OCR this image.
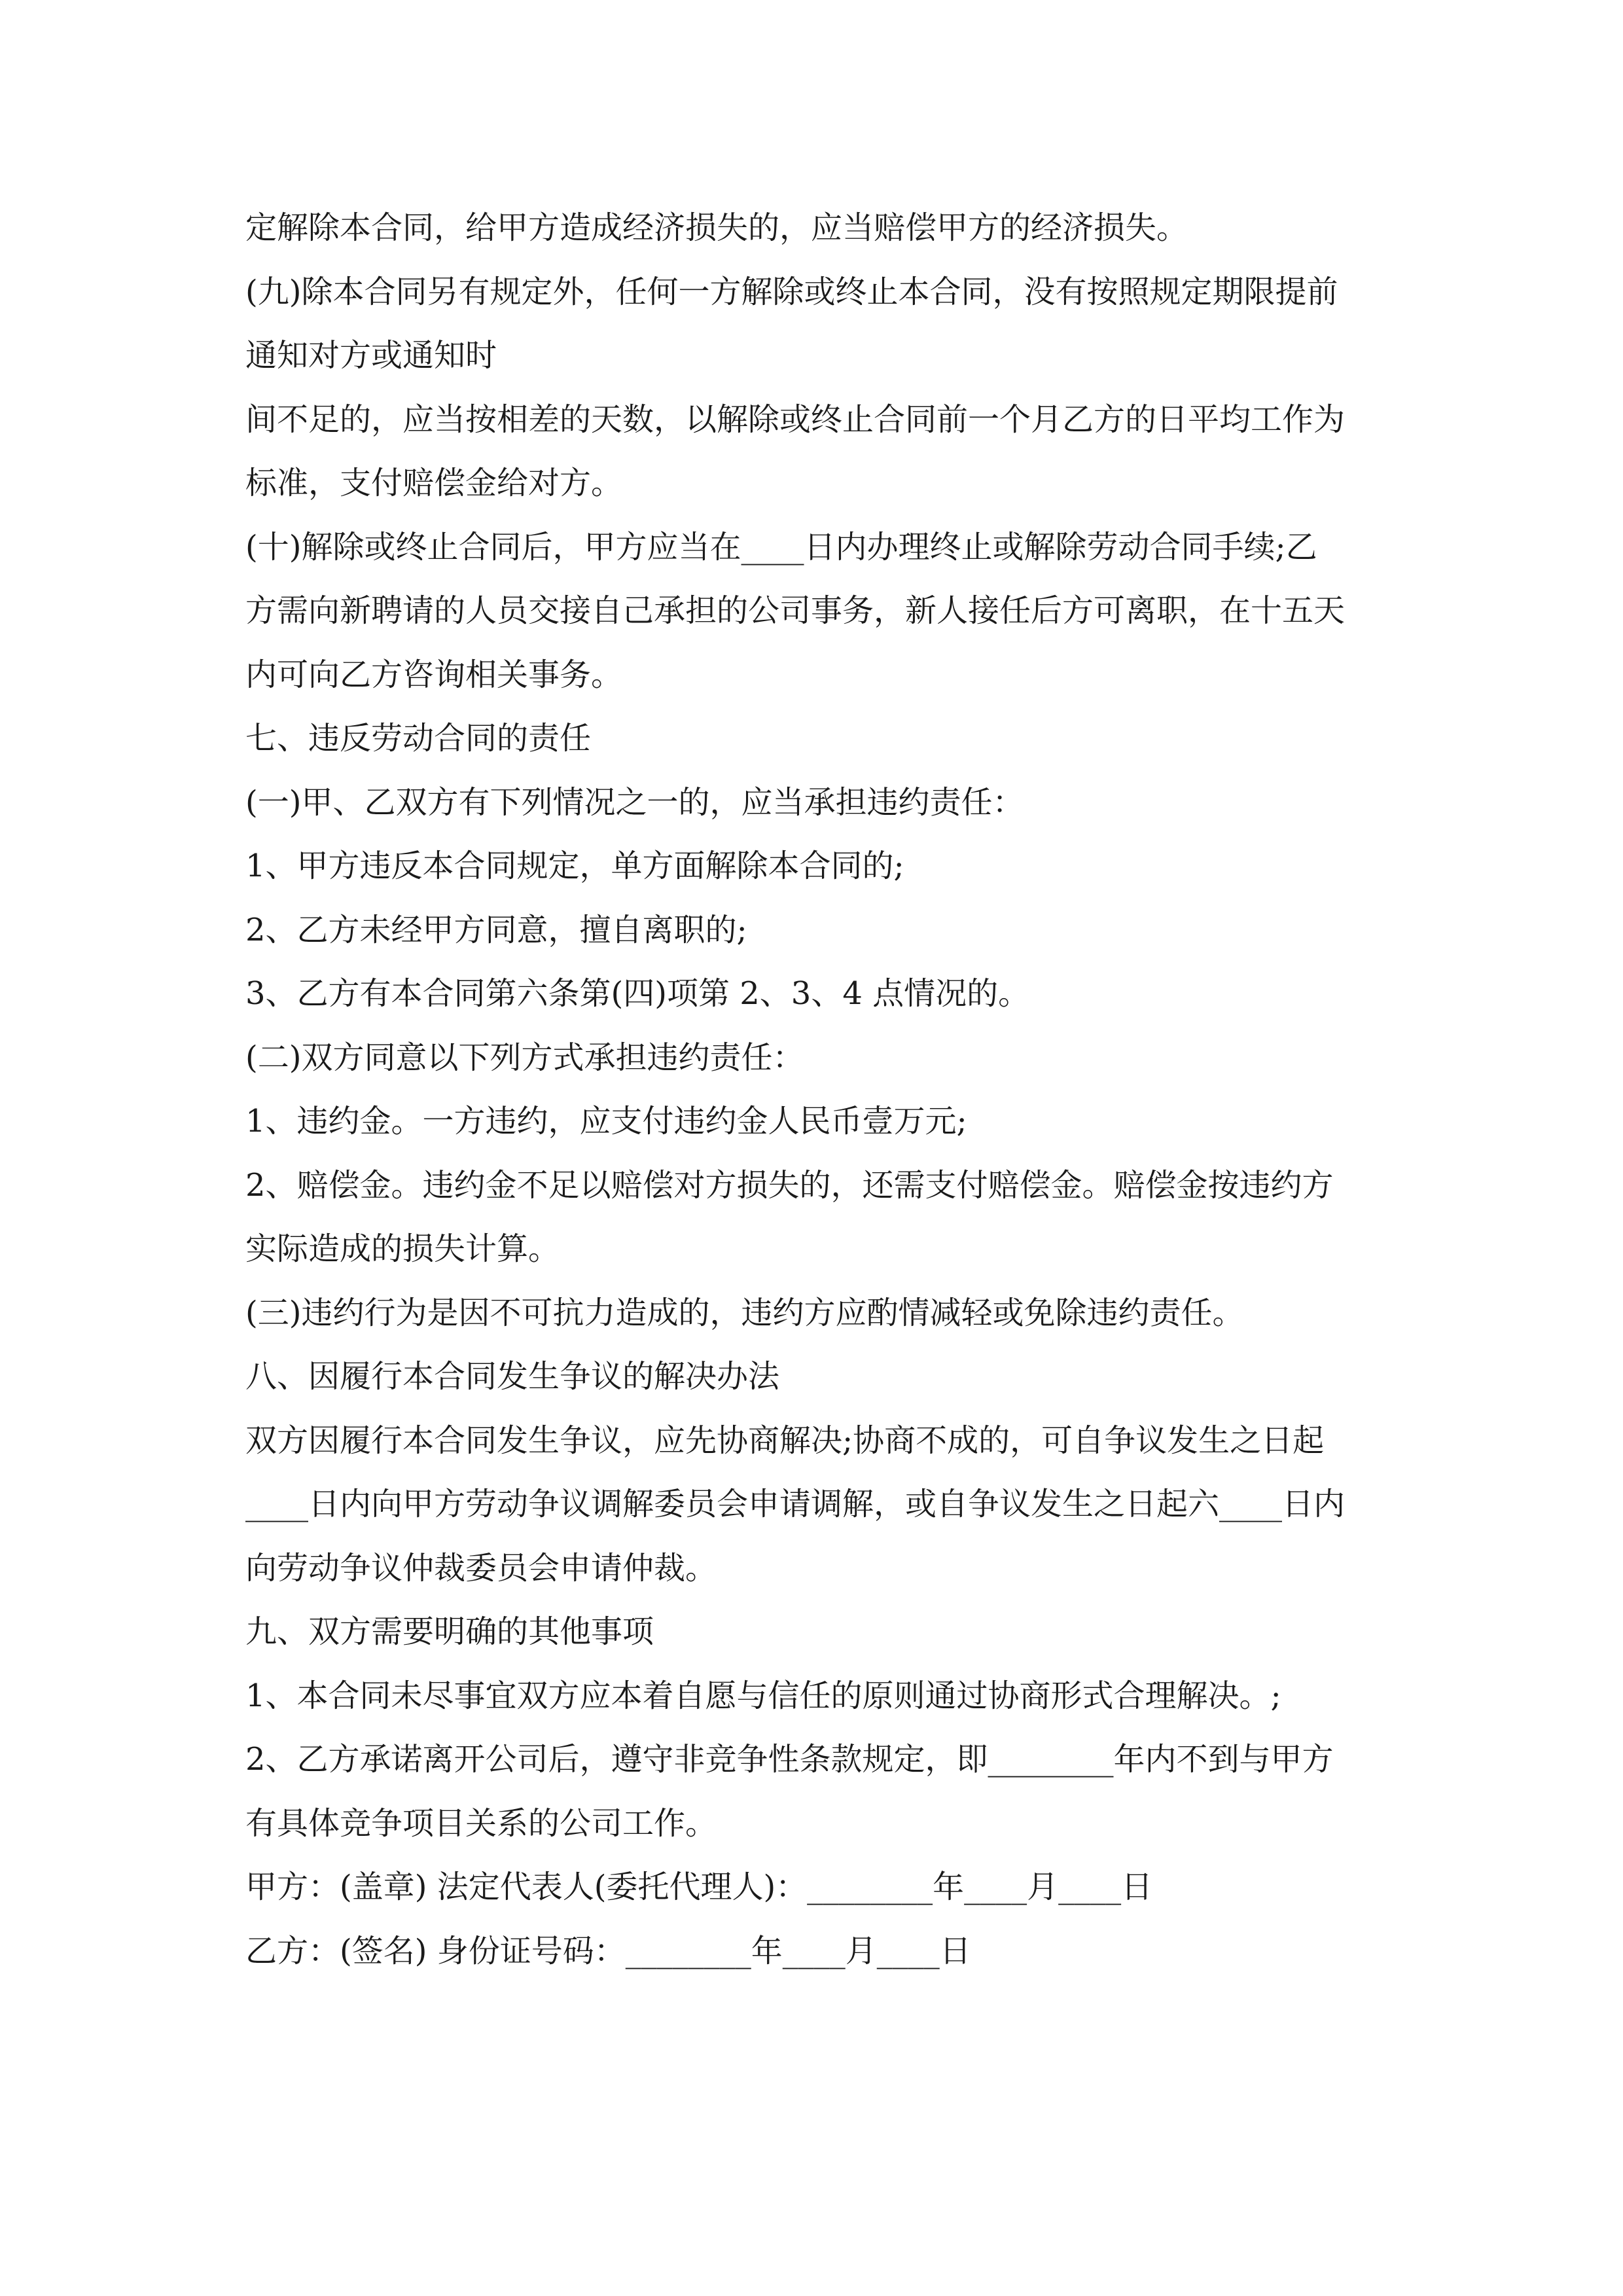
定解除本合同，给甲方造成经济损失的，应当赔偿甲方的经济损失。
(九)除本合同另有规定外，任何一方解除或终止本合同，没有按照规定期限提前
通知对方或通知时
间不足的，应当按相差的天数，以解除或终止合同前一个月乙方的日平均工作为
标准，支付赔偿金给对方。
(十)解除或终止合同后，甲方应当在____日内办理终止或解除劳动合同手续;乙
方需向新聘请的人员交接自己承担的公司事务，新人接任后方可离职，在十五天
内可向乙方咨询相关事务。
七、违反劳动合同的责任
(一)甲、乙双方有下列情况之一的，应当承担违约责任：
1、甲方违反本合同规定，单方面解除本合同的;
2、乙方未经甲方同意，擅自离职的;
3、乙方有本合同第六条第(四)项第 2、3、4 点情况的。
(二)双方同意以下列方式承担违约责任：
1、违约金。一方违约，应支付违约金人民币壹万元;
2、赔偿金。违约金不足以赔偿对方损失的，还需支付赔偿金。赔偿金按违约方
实际造成的损失计算。
(三)违约行为是因不可抗力造成的，违约方应酌情减轻或免除违约责任。
八、因履行本合同发生争议的解决办法
双方因履行本合同发生争议，应先协商解决;协商不成的，可自争议发生之日起
____日内向甲方劳动争议调解委员会申请调解，或自争议发生之日起六____日内
向劳动争议仲裁委员会申请仲裁。
九、双方需要明确的其他事项
1、本合同未尽事宜双方应本着自愿与信任的原则通过协商形式合理解决。;
2、乙方承诺离开公司后，遵守非竞争性条款规定，即________年内不到与甲方
有具体竞争项目关系的公司工作。
甲方：(盖章) 法定代表人(委托代理人)：________年____月____日
乙方：(签名) 身份证号码：________年____月____日
